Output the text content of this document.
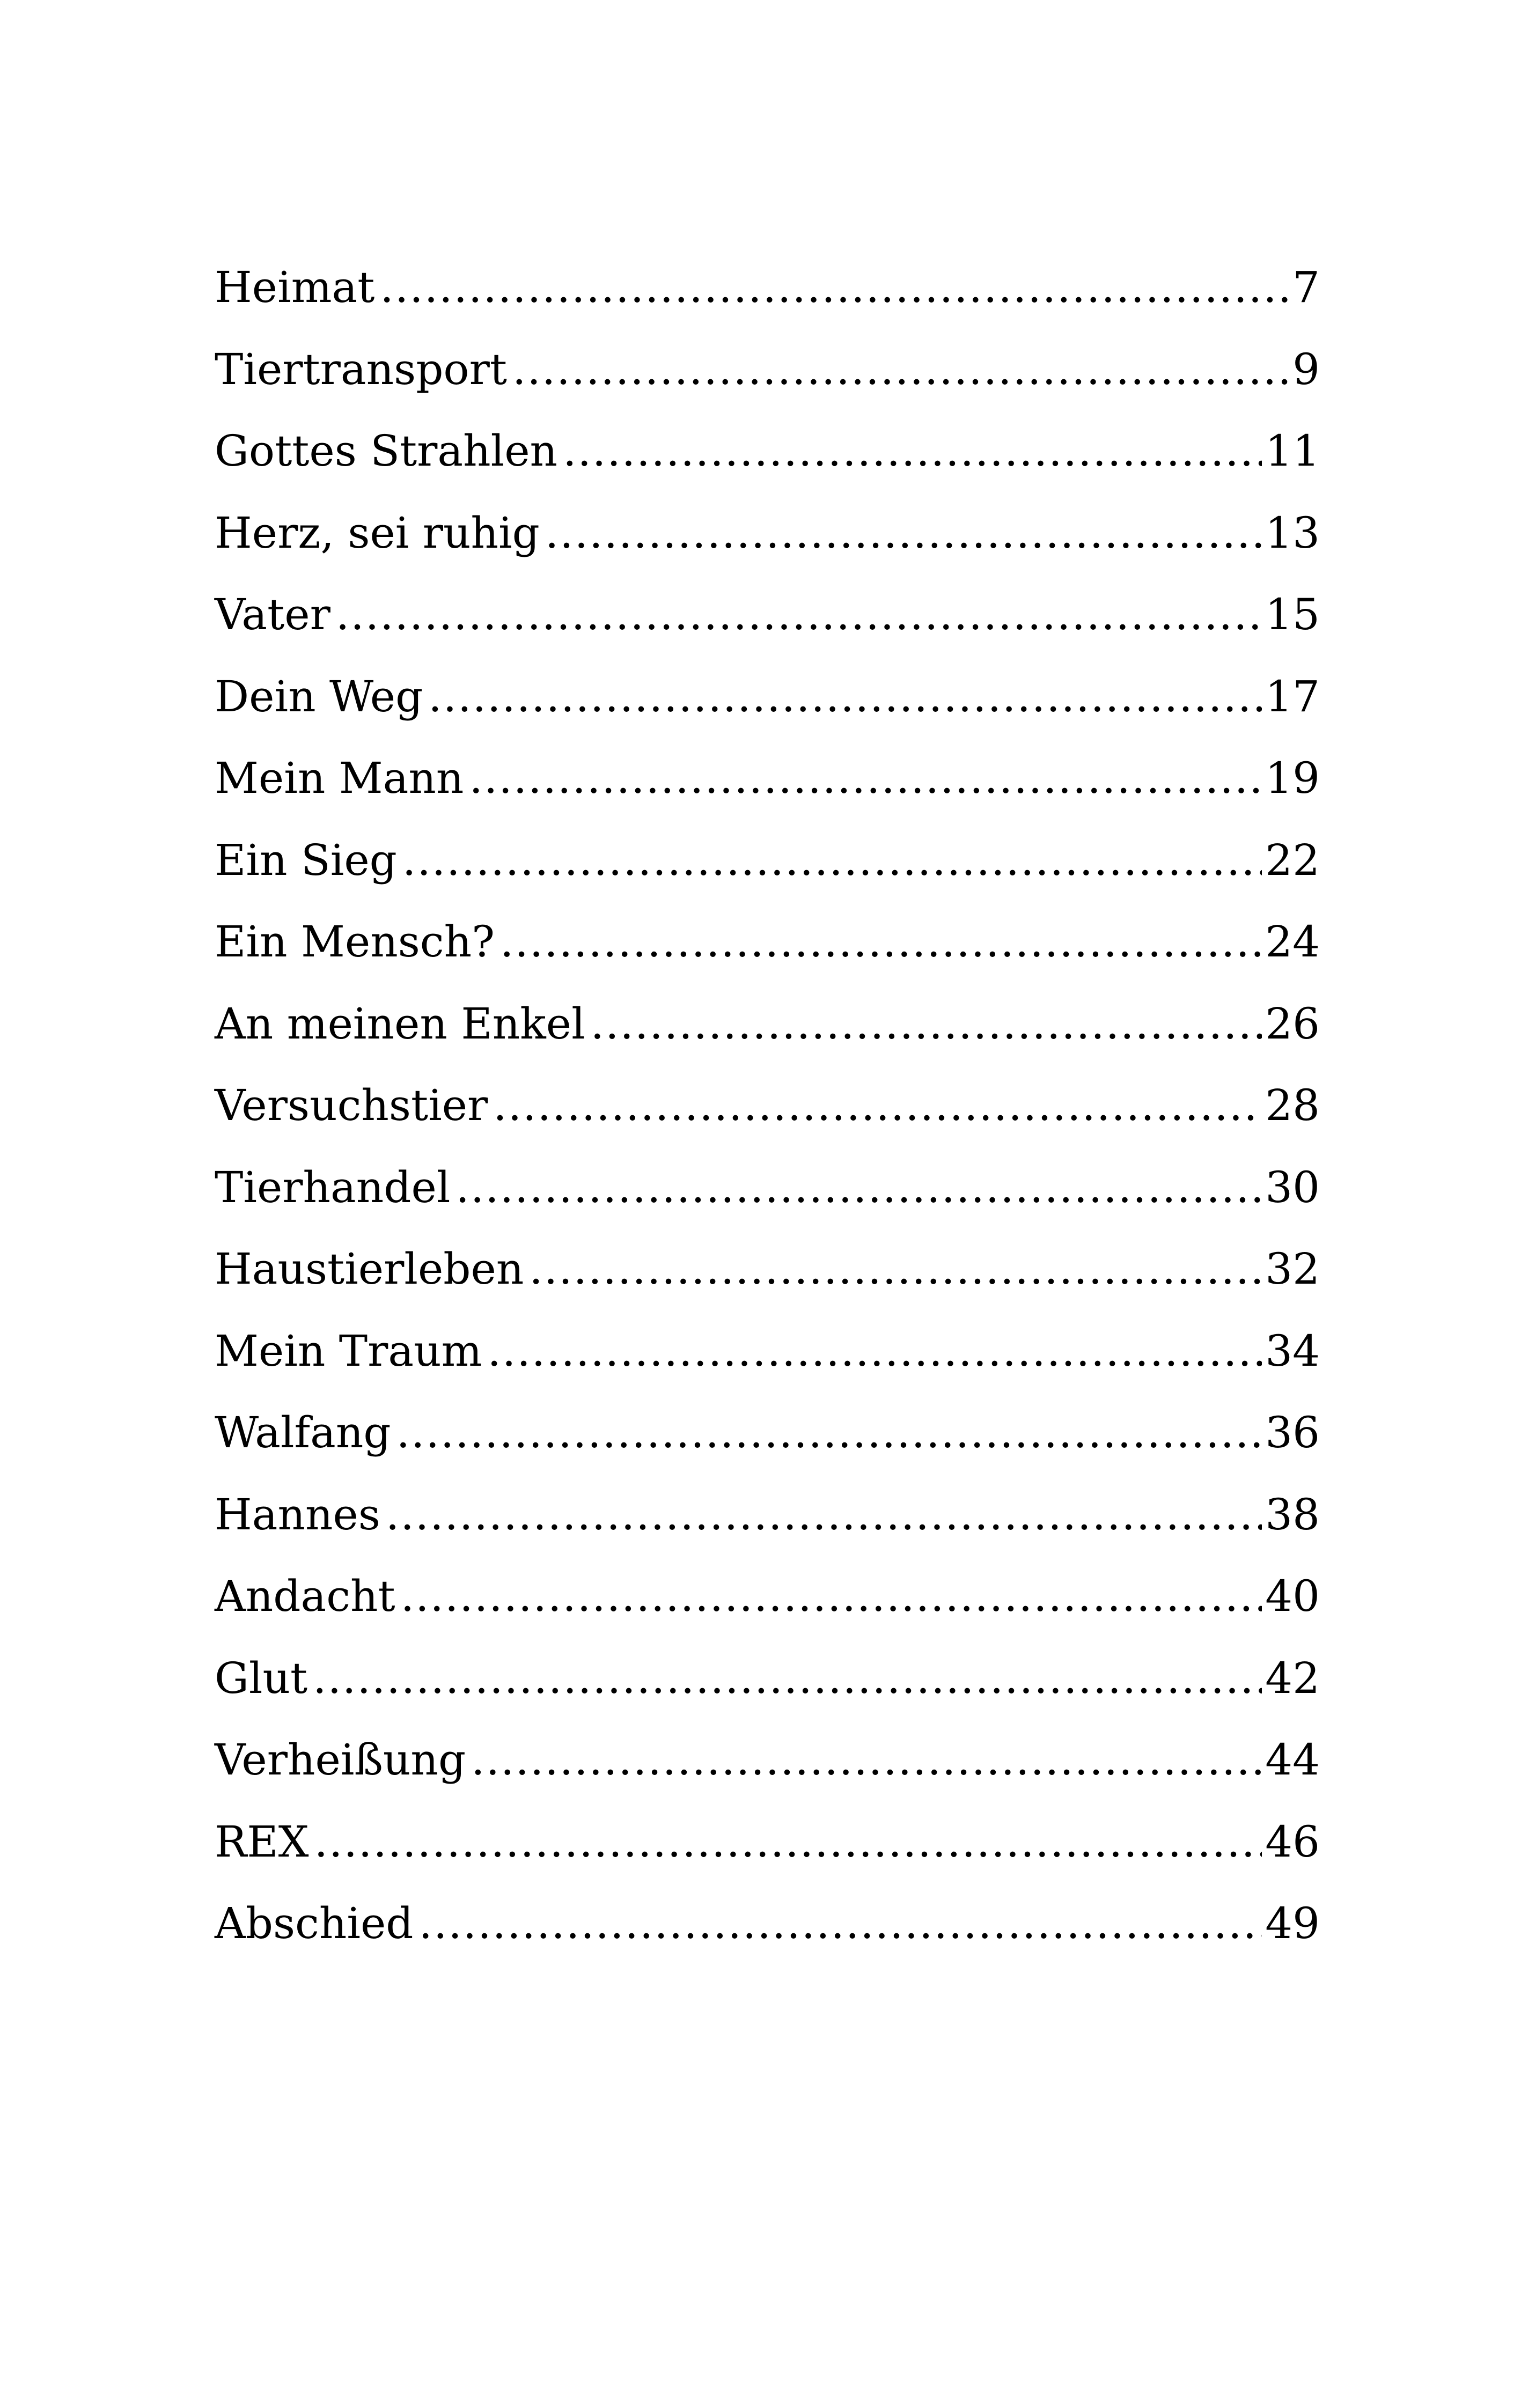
Heimat .....	7
Tiertransport .....	9
Gottes Strahlen .....	11
Herz, sei ruhig .....	13
Vater .....	15
Dein Weg .....	17
Mein Mann .....	19
Ein Sieg .....	22
Ein Mensch? .....	24
An meinen Enkel .....	26
Versuchstier .....	28
Tierhandel .....	30
Haustierleben .....	32
Mein Traum .....	34
Walfang .....	36
Hannes .....	38
Andacht .....	40
Glut .....	42
Verheißung .....	44
REX .....	46
Abschied .....	49
